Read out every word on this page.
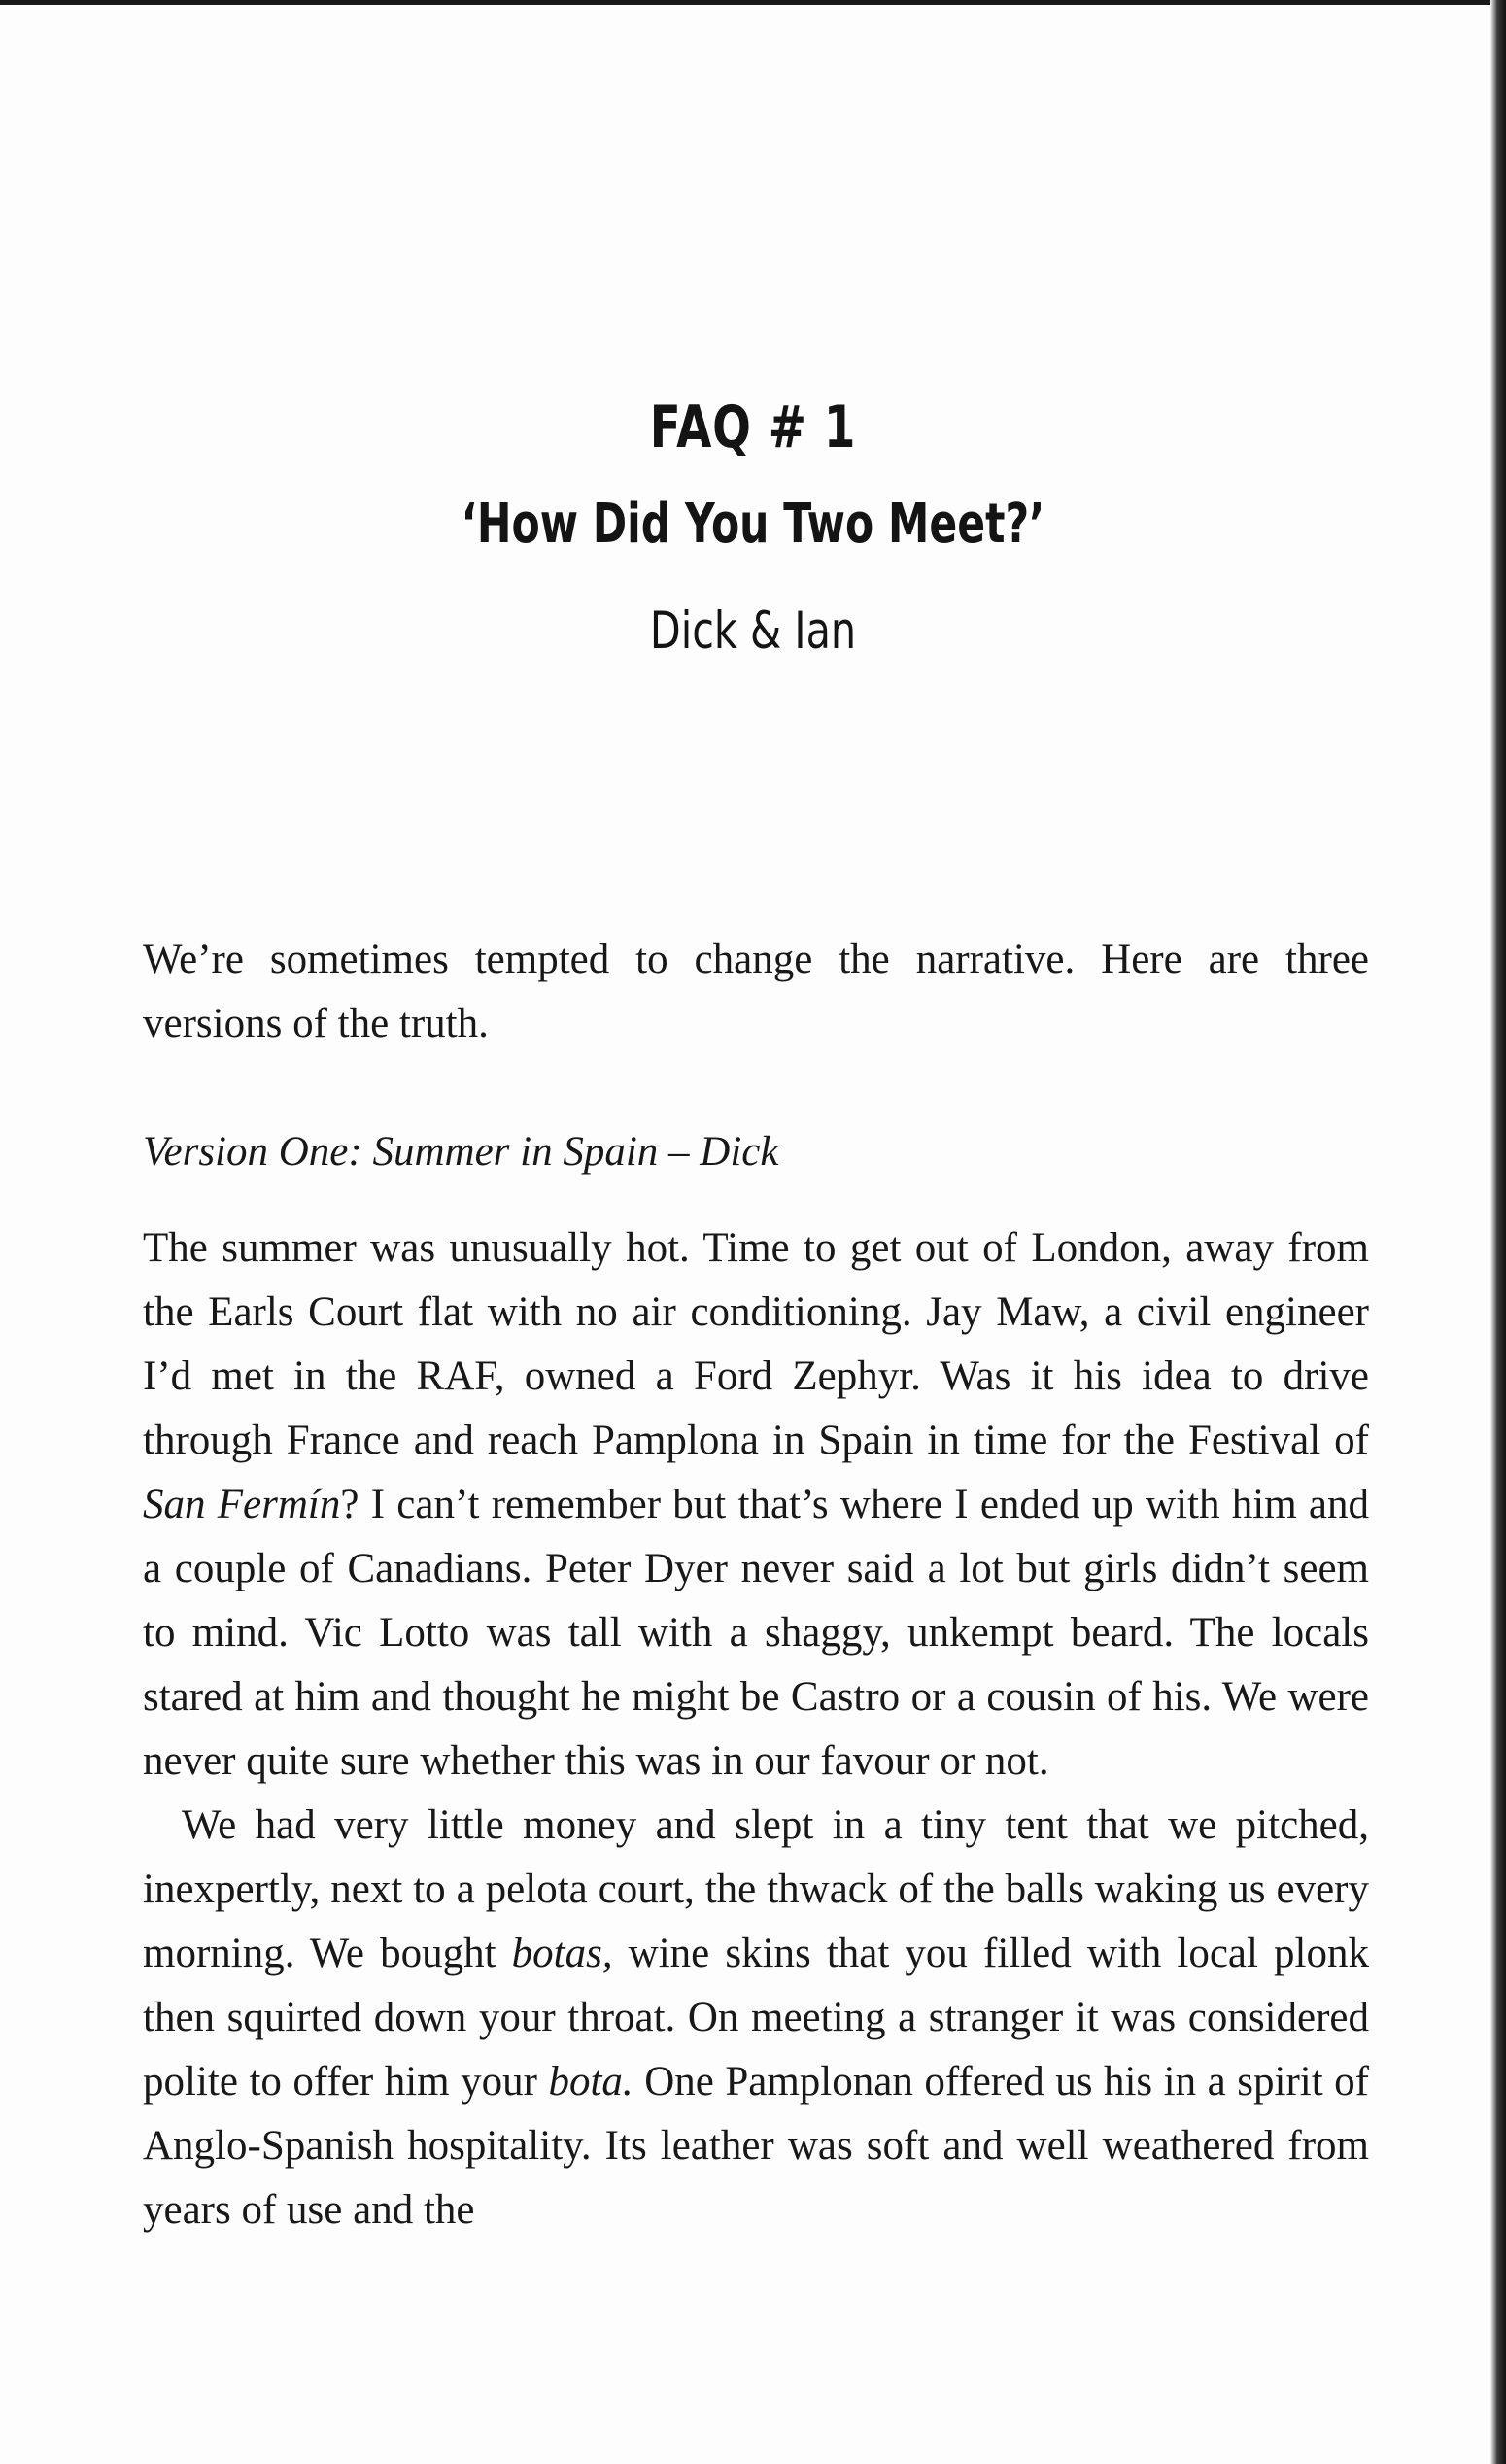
FAQ # 1
‘How Did You Two Meet?’
Dick & Ian

We’re sometimes tempted to change the narrative. Here are three versions of the truth.

Version One: Summer in Spain – Dick

The summer was unusually hot. Time to get out of London, away from the Earls Court flat with no air conditioning. Jay Maw, a civil engineer I’d met in the RAF, owned a Ford Zephyr. Was it his idea to drive through France and reach Pamplona in Spain in time for the Festival of San Fermín? I can’t remember but that’s where I ended up with him and a couple of Canadians. Peter Dyer never said a lot but girls didn’t seem to mind. Vic Lotto was tall with a shaggy, unkempt beard. The locals stared at him and thought he might be Castro or a cousin of his. We were never quite sure whether this was in our favour or not.

We had very little money and slept in a tiny tent that we pitched, inexpertly, next to a pelota court, the thwack of the balls waking us every morning. We bought botas, wine skins that you filled with local plonk then squirted down your throat. On meeting a stranger it was considered polite to offer him your bota. One Pamplonan offered us his in a spirit of Anglo-Spanish hospitality. Its leather was soft and well weathered from years of use and the
